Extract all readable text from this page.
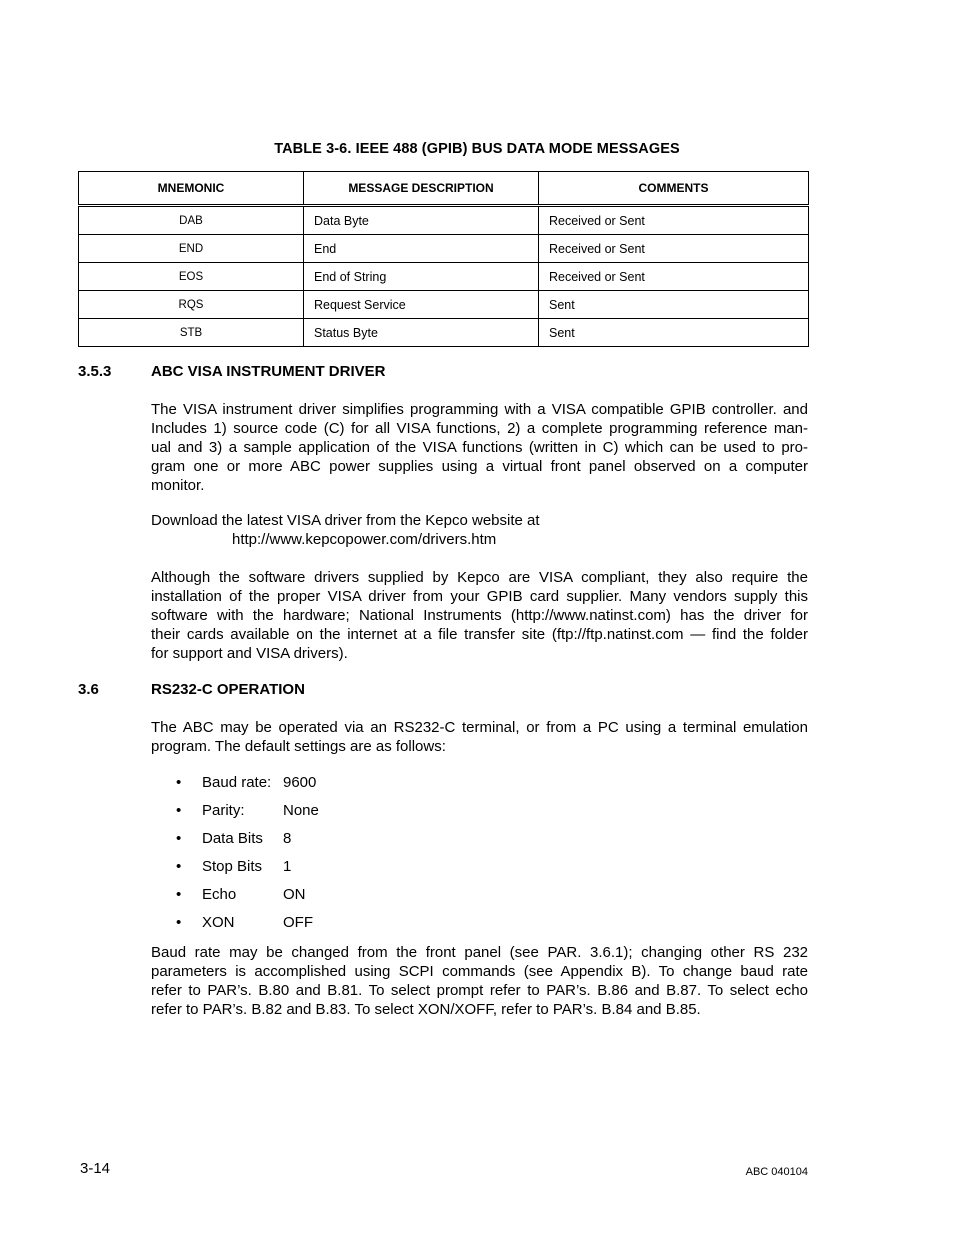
TABLE 3-6. IEEE 488 (GPIB) BUS DATA MODE MESSAGES
MNEMONIC	MESSAGE DESCRIPTION	COMMENTS
DAB	Data Byte	Received or Sent
END	End	Received or Sent
EOS	End of String	Received or Sent
RQS	Request Service	Sent
STB	Status Byte	Sent
3.5.3	ABC VISA INSTRUMENT DRIVER
The VISA instrument driver simplifies programming with a VISA compatible GPIB controller. and
Includes 1) source code (C) for all VISA functions, 2) a complete programming reference man-
ual and 3) a sample application of the VISA functions (written in C) which can be used to pro-
gram one or more ABC power supplies using a virtual front panel observed on a computer
monitor.
Download the latest VISA driver from the Kepco website at
http://www.kepcopower.com/drivers.htm
Although the software drivers supplied by Kepco are VISA compliant, they also require the
installation of the proper VISA driver from your GPIB card supplier. Many vendors supply this
software with the hardware; National Instruments (http://www.natinst.com) has the driver for
their cards available on the internet at a file transfer site (ftp://ftp.natinst.com — find the folder
for support and VISA drivers).
3.6	RS232-C OPERATION
The ABC may be operated via an RS232-C terminal, or from a PC using a terminal emulation
program. The default settings are as follows:
• Baud rate: 9600
• Parity:	None
• Data Bits 8
• Stop Bits 1
• Echo	ON
• XON	OFF
Baud rate may be changed from the front panel (see PAR. 3.6.1); changing other RS 232
parameters is accomplished using SCPI commands (see Appendix B). To change baud rate
refer to PAR’s. B.80 and B.81. To select prompt refer to PAR’s. B.86 and B.87. To select echo
refer to PAR’s. B.82 and B.83. To select XON/XOFF, refer to PAR’s. B.84 and B.85.
3-14	ABC 040104
